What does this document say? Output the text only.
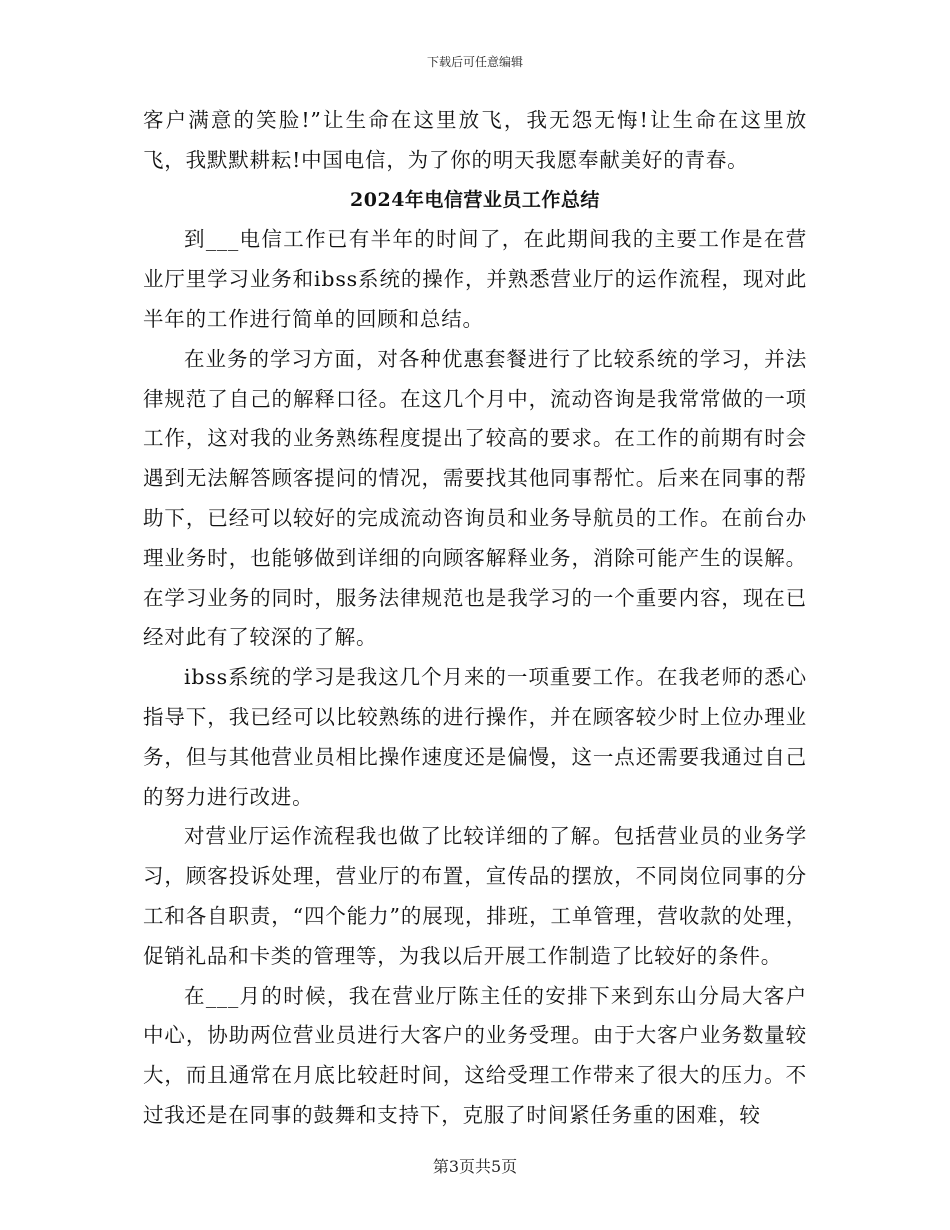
下载后可任意编辑

客户满意的笑脸!”让生命在这里放飞，我无怨无悔!让生命在这里放飞，我默默耕耘!中国电信，为了你的明天我愿奉献美好的青春。

2024年电信营业员工作总结

到___电信工作已有半年的时间了，在此期间我的主要工作是在营业厅里学习业务和ibss系统的操作，并熟悉营业厅的运作流程，现对此半年的工作进行简单的回顾和总结。

在业务的学习方面，对各种优惠套餐进行了比较系统的学习，并法律规范了自己的解释口径。在这几个月中，流动咨询是我常常做的一项工作，这对我的业务熟练程度提出了较高的要求。在工作的前期有时会遇到无法解答顾客提问的情况，需要找其他同事帮忙。后来在同事的帮助下，已经可以较好的完成流动咨询员和业务导航员的工作。在前台办理业务时，也能够做到详细的向顾客解释业务，消除可能产生的误解。在学习业务的同时，服务法律规范也是我学习的一个重要内容，现在已经对此有了较深的了解。

ibss系统的学习是我这几个月来的一项重要工作。在我老师的悉心指导下，我已经可以比较熟练的进行操作，并在顾客较少时上位办理业务，但与其他营业员相比操作速度还是偏慢，这一点还需要我通过自己的努力进行改进。

对营业厅运作流程我也做了比较详细的了解。包括营业员的业务学习，顾客投诉处理，营业厅的布置，宣传品的摆放，不同岗位同事的分工和各自职责，“四个能力”的展现，排班，工单管理，营收款的处理，促销礼品和卡类的管理等，为我以后开展工作制造了比较好的条件。

在___月的时候，我在营业厅陈主任的安排下来到东山分局大客户中心，协助两位营业员进行大客户的业务受理。由于大客户业务数量较大，而且通常在月底比较赶时间，这给受理工作带来了很大的压力。不过我还是在同事的鼓舞和支持下，克服了时间紧任务重的困难，较

第3页共5页
